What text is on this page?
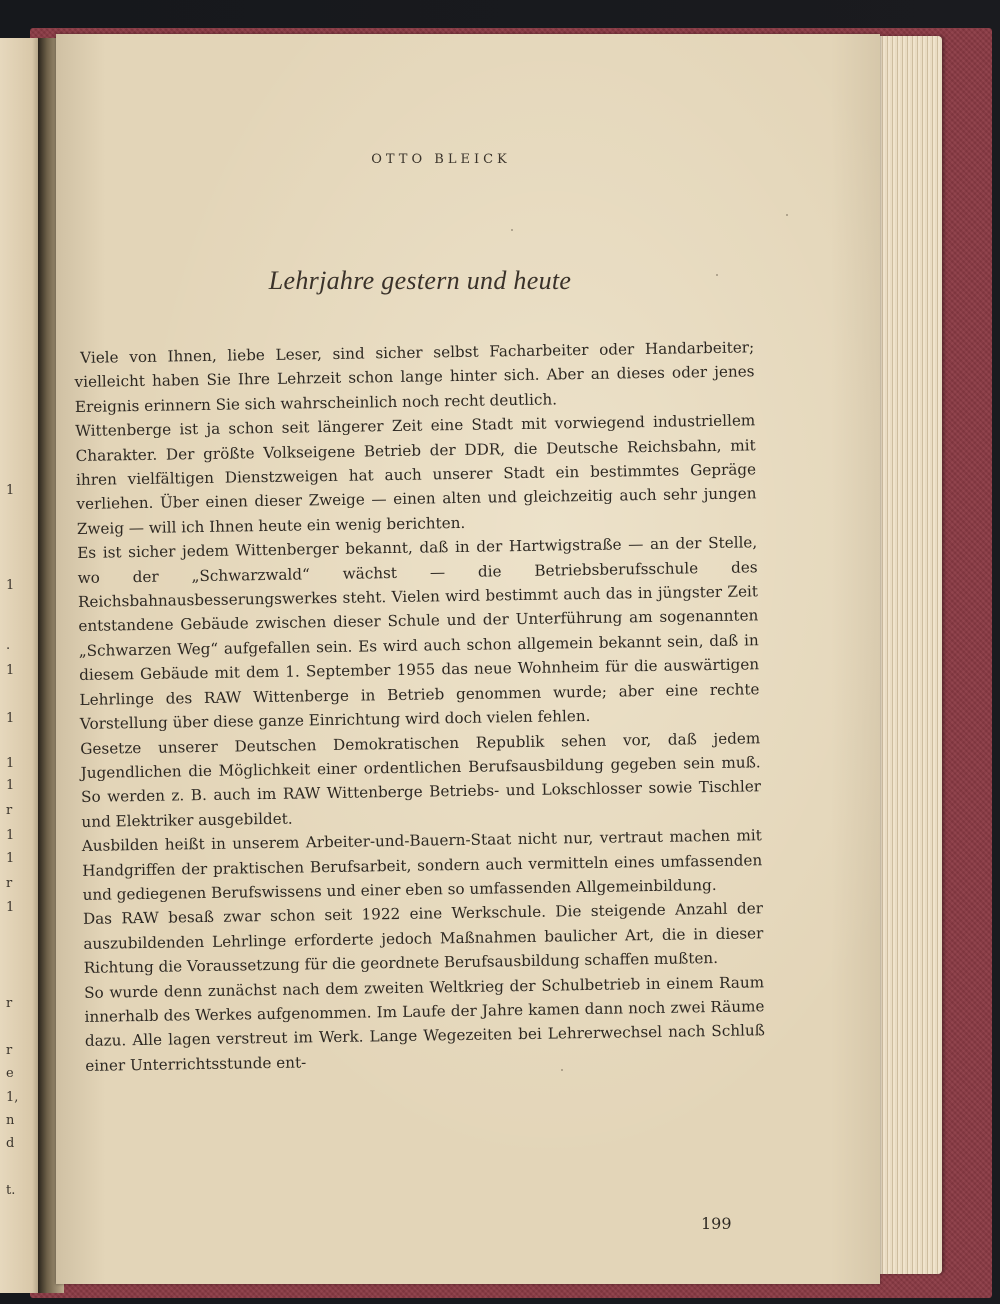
1
1
.
1
1
1
1
r
1
1
r
1
r
r
e
1,
n
d
t.
OTTO BLEICK
Lehrjahre gestern und heute

Viele von Ihnen, liebe Leser, sind sicher selbst Facharbeiter oder Handarbeiter; vielleicht haben Sie Ihre Lehrzeit schon lange hinter sich. Aber an dieses oder jenes Ereignis erinnern Sie sich wahrscheinlich noch recht deutlich.

Wittenberge ist ja schon seit längerer Zeit eine Stadt mit vorwiegend industriellem Charakter. Der größte Volkseigene Betrieb der DDR, die Deutsche Reichsbahn, mit ihren vielfältigen Dienstzweigen hat auch unserer Stadt ein bestimmtes Gepräge verliehen. Über einen dieser Zweige — einen alten und gleichzeitig auch sehr jungen Zweig — will ich Ihnen heute ein wenig berichten.

Es ist sicher jedem Wittenberger bekannt, daß in der Hartwigstraße — an der Stelle, wo der „Schwarzwald“ wächst — die Betriebsberufsschule des Reichsbahnausbesserungswerkes steht. Vielen wird bestimmt auch das in jüngster Zeit entstandene Gebäude zwischen dieser Schule und der Unterführung am sogenannten „Schwarzen Weg“ aufgefallen sein. Es wird auch schon allgemein bekannt sein, daß in diesem Gebäude mit dem 1. September 1955 das neue Wohnheim für die auswärtigen Lehrlinge des RAW Wittenberge in Betrieb genommen wurde; aber eine rechte Vorstellung über diese ganze Einrichtung wird doch vielen fehlen.

Gesetze unserer Deutschen Demokratischen Republik sehen vor, daß jedem Jugendlichen die Möglichkeit einer ordentlichen Berufsausbildung gegeben sein muß. So werden z. B. auch im RAW Wittenberge Betriebs- und Lokschlosser sowie Tischler und Elektriker ausgebildet.

Ausbilden heißt in unserem Arbeiter-und-Bauern-Staat nicht nur, vertraut machen mit Handgriffen der praktischen Berufsarbeit, sondern auch vermitteln eines umfassenden und gediegenen Berufswissens und einer eben so umfassenden Allgemeinbildung.

Das RAW besaß zwar schon seit 1922 eine Werkschule. Die steigende Anzahl der auszubildenden Lehrlinge erforderte jedoch Maßnahmen baulicher Art, die in dieser Richtung die Voraussetzung für die geordnete Berufsausbildung schaffen mußten.

So wurde denn zunächst nach dem zweiten Weltkrieg der Schulbetrieb in einem Raum innerhalb des Werkes aufgenommen. Im Laufe der Jahre kamen dann noch zwei Räume dazu. Alle lagen verstreut im Werk. Lange Wegezeiten bei Lehrerwechsel nach Schluß einer Unterrichtsstunde ent-

199
